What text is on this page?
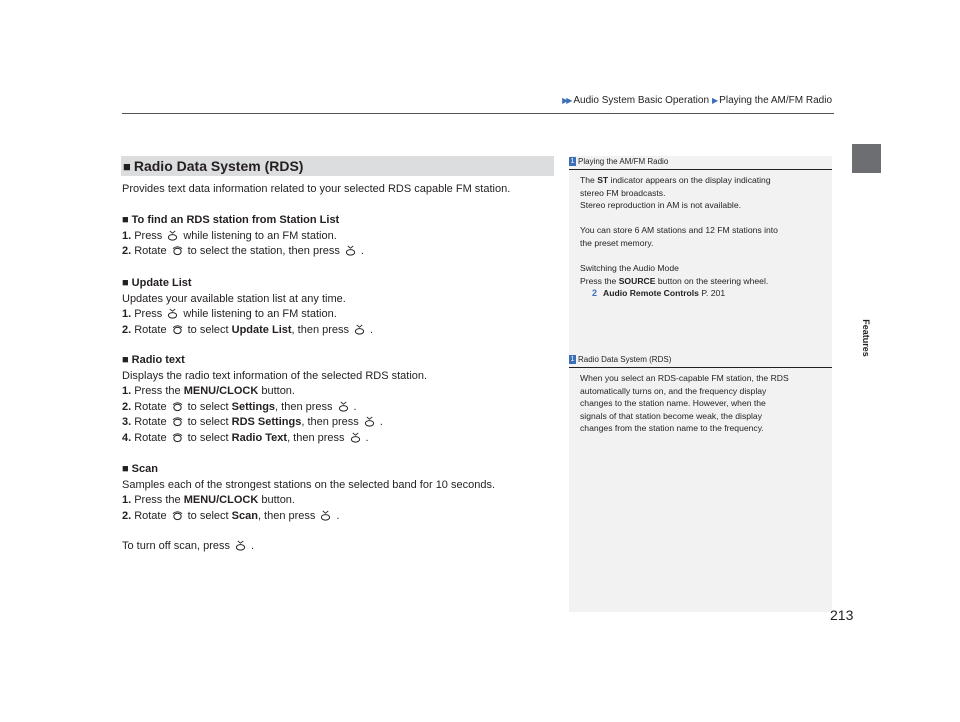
▶▶ Audio System Basic Operation ▶ Playing the AM/FM Radio
Features
■ Radio Data System (RDS)
Provides text data information related to your selected RDS capable FM station.
■ To find an RDS station from Station List
1. Press while listening to an FM station.
2. Rotate to select the station, then press .
■ Update List
Updates your available station list at any time.
1. Press while listening to an FM station.
2. Rotate to select Update List, then press .
■ Radio text
Displays the radio text information of the selected RDS station.
1. Press the MENU/CLOCK button.
2. Rotate to select Settings, then press .
3. Rotate to select RDS Settings, then press .
4. Rotate to select Radio Text, then press .
■ Scan
Samples each of the strongest stations on the selected band for 10 seconds.
1. Press the MENU/CLOCK button.
2. Rotate to select Scan, then press .
To turn off scan, press .
1 Playing the AM/FM Radio

The ST indicator appears on the display indicating

stereo FM broadcasts.

Stereo reproduction in AM is not available.

You can store 6 AM stations and 12 FM stations into

the preset memory.

Switching the Audio Mode

Press the SOURCE button on the steering wheel.

2 Audio Remote Controls P. 201

1 Radio Data System (RDS)

When you select an RDS-capable FM station, the RDS

automatically turns on, and the frequency display

changes to the station name. However, when the

signals of that station become weak, the display

changes from the station name to the frequency.

213
